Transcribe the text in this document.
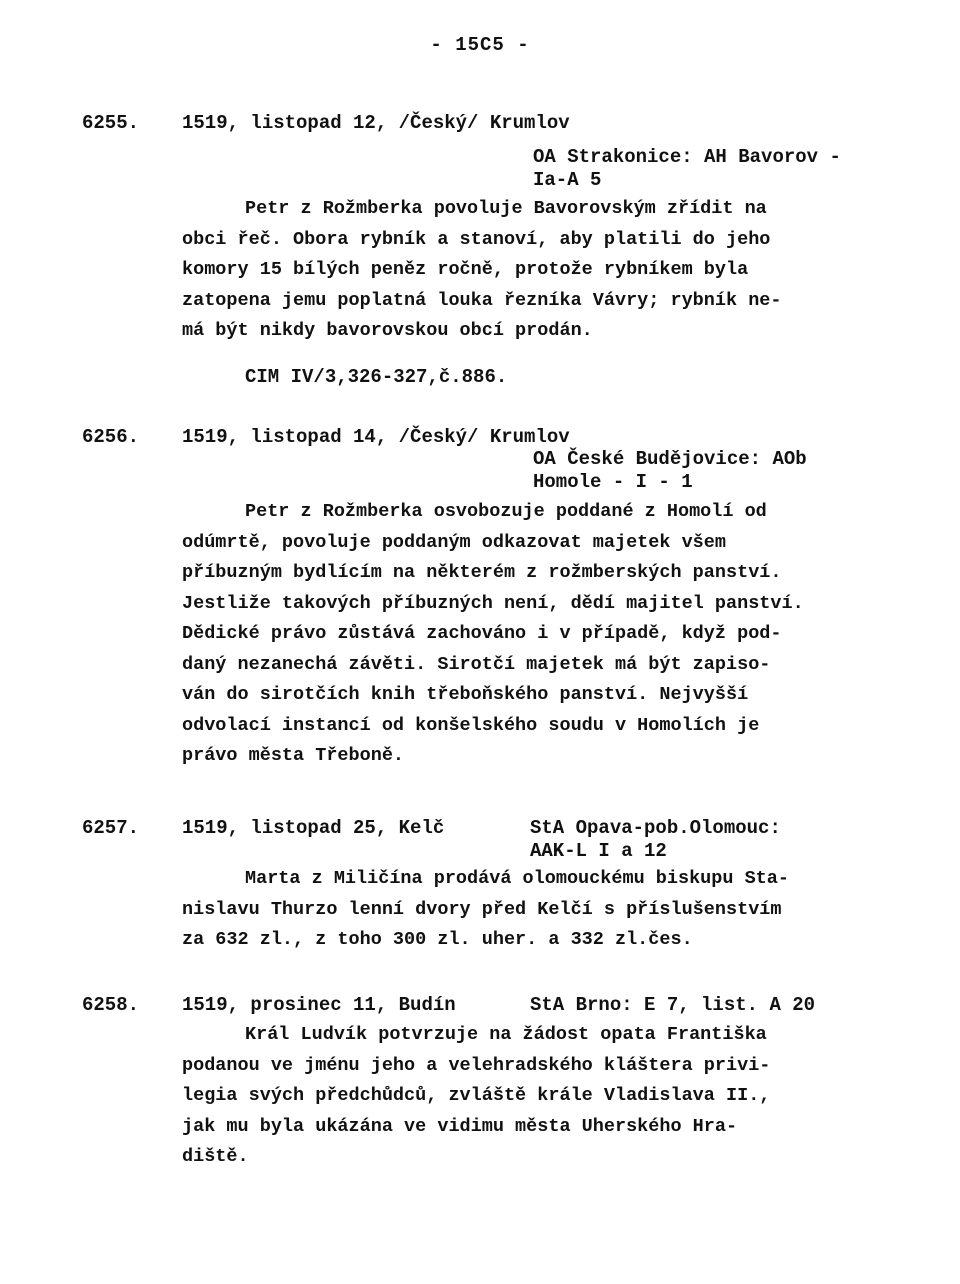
- 15C5 -
6255. 1519, listopad 12, /Český/ Krumlov
OA Strakonice: AH Bavorov -
Ia-A 5
Petr z Rožmberka povoluje Bavorovským zřídit na
obci řeč. Obora rybník a stanoví, aby platili do jeho
komory 15 bílých peněz ročně, protože rybníkem byla
zatopena jemu poplatná louka řezníka Vávry; rybník ne-
má být nikdy bavorovskou obcí prodán.
CIM IV/3,326-327,č.886.
6256. 1519, listopad 14, /Český/ Krumlov
OA České Budějovice: AOb
Homole - I - 1
Petr z Rožmberka osvobozuje poddané z Homolí od
odúmrtě, povoluje poddaným odkazovat majetek všem
příbuzným bydlícím na některém z rožmberských panství.
Jestliže takových příbuzných není, dědí majitel panství.
Dědické právo zůstává zachováno i v případě, když pod-
daný nezanechá závěti. Sirotčí majetek má být zapiso-
ván do sirotčích knih třeboňského panství. Nejvyšší
odvolací instancí od konšelského soudu v Homolích je
právo města Třeboně.
6257. 1519, listopad 25, Kelč	StA Opava-pob.Olomouc:
AAK-L I a 12
Marta z Miličína prodává olomouckému biskupu Sta-
nislavu Thurzo lenní dvory před Kelčí s příslušenstvím
za 632 zl., z toho 300 zl. uher. a 332 zl.čes.
6258. 1519, prosinec 11, Budín	StA Brno: E 7, list. A 20
Král Ludvík potvrzuje na žádost opata Františka
podanou ve jménu jeho a velehradského kláštera privi-
legia svých předchůdců, zvláště krále Vladislava II.,
jak mu byla ukázána ve vidimu města Uherského Hra-
diště.
